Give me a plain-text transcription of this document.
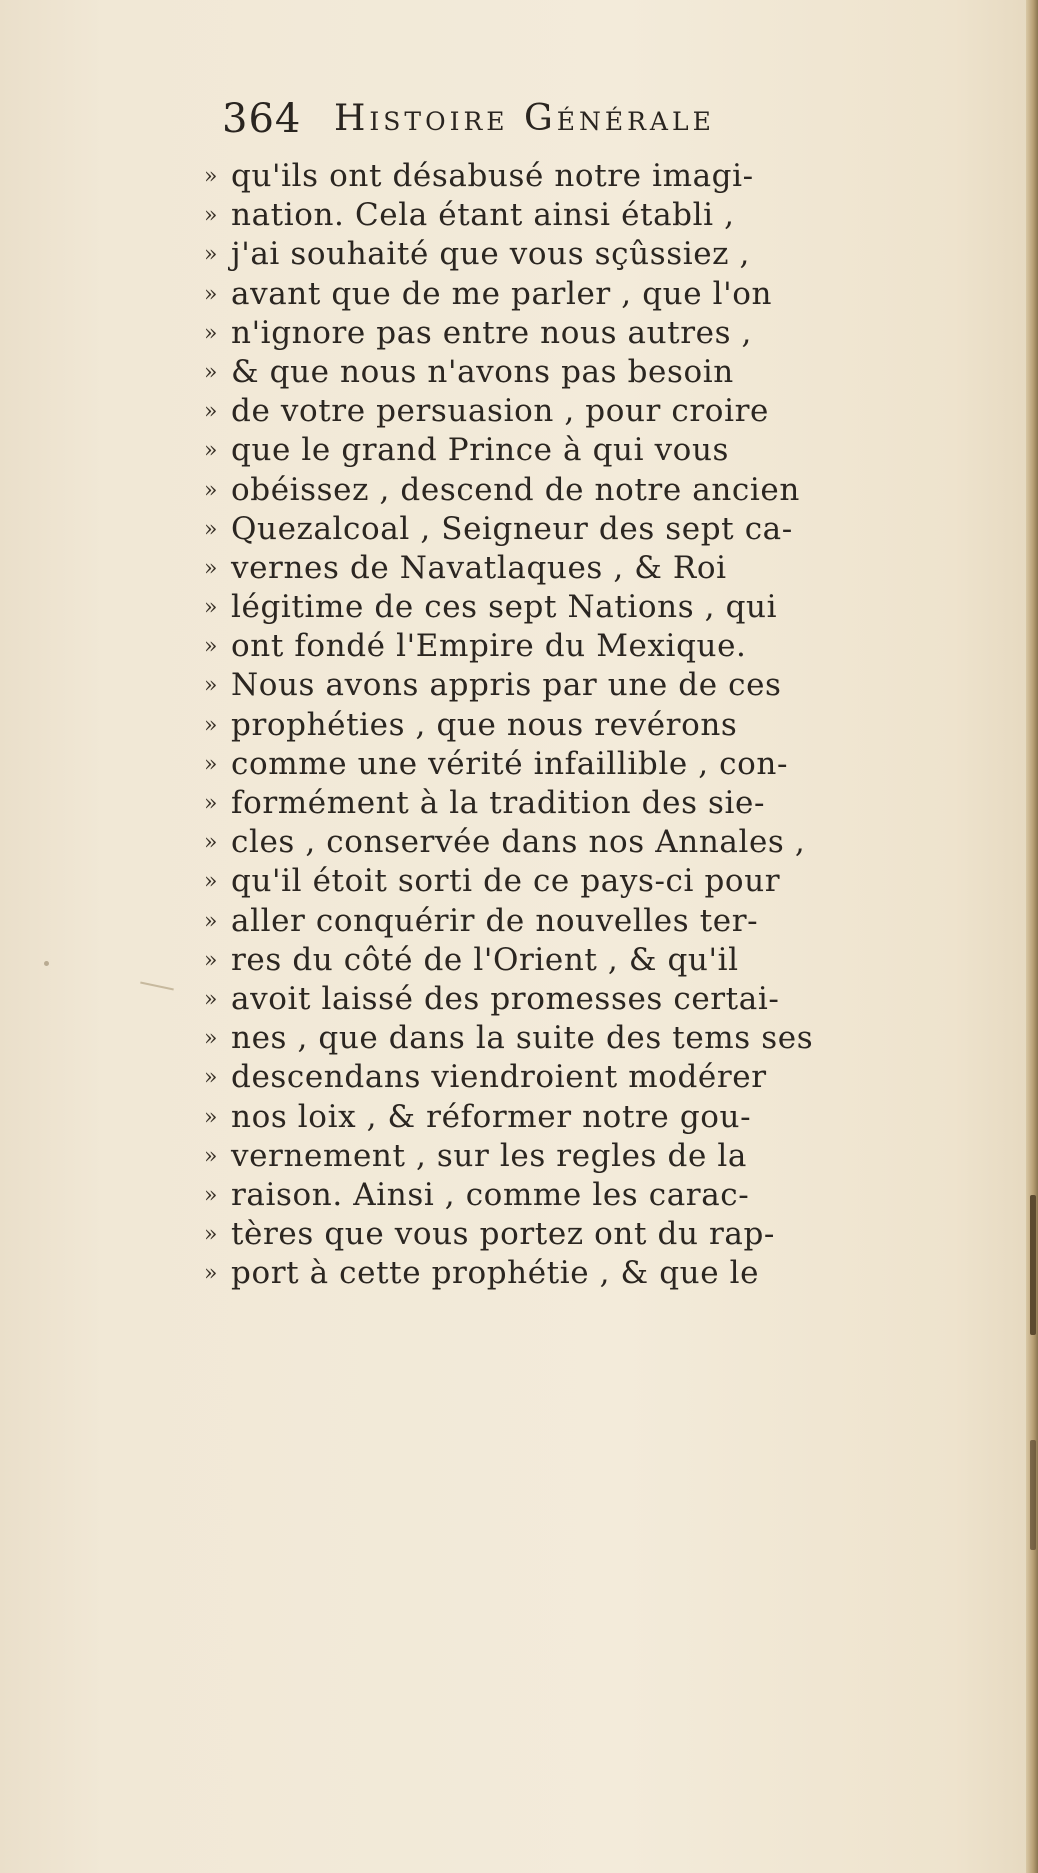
364 Histoire Générale
» qu'ils ont désabusé notre imagi-
» nation. Cela étant ainsi établi ,
» j'ai souhaité que vous sçûssiez ,
» avant que de me parler , que l'on
» n'ignore pas entre nous autres ,
» & que nous n'avons pas besoin
» de votre persuasion , pour croire
» que le grand Prince à qui vous
» obéissez , descend de notre ancien
» Quezalcoal , Seigneur des sept ca-
» vernes de Navatlaques , & Roi
» légitime de ces sept Nations , qui
» ont fondé l'Empire du Mexique.
» Nous avons appris par une de ces
» prophéties , que nous revérons
» comme une vérité infaillible , con-
» formément à la tradition des sie-
» cles , conservée dans nos Annales ,
» qu'il étoit sorti de ce pays-ci pour
» aller conquérir de nouvelles ter-
» res du côté de l'Orient , & qu'il
» avoit laissé des promesses certai-
» nes , que dans la suite des tems ses
» descendans viendroient modérer
» nos loix , & réformer notre gou-
» vernement , sur les regles de la
» raison. Ainsi , comme les carac-
» tères que vous portez ont du rap-
» port à cette prophétie , & que le
